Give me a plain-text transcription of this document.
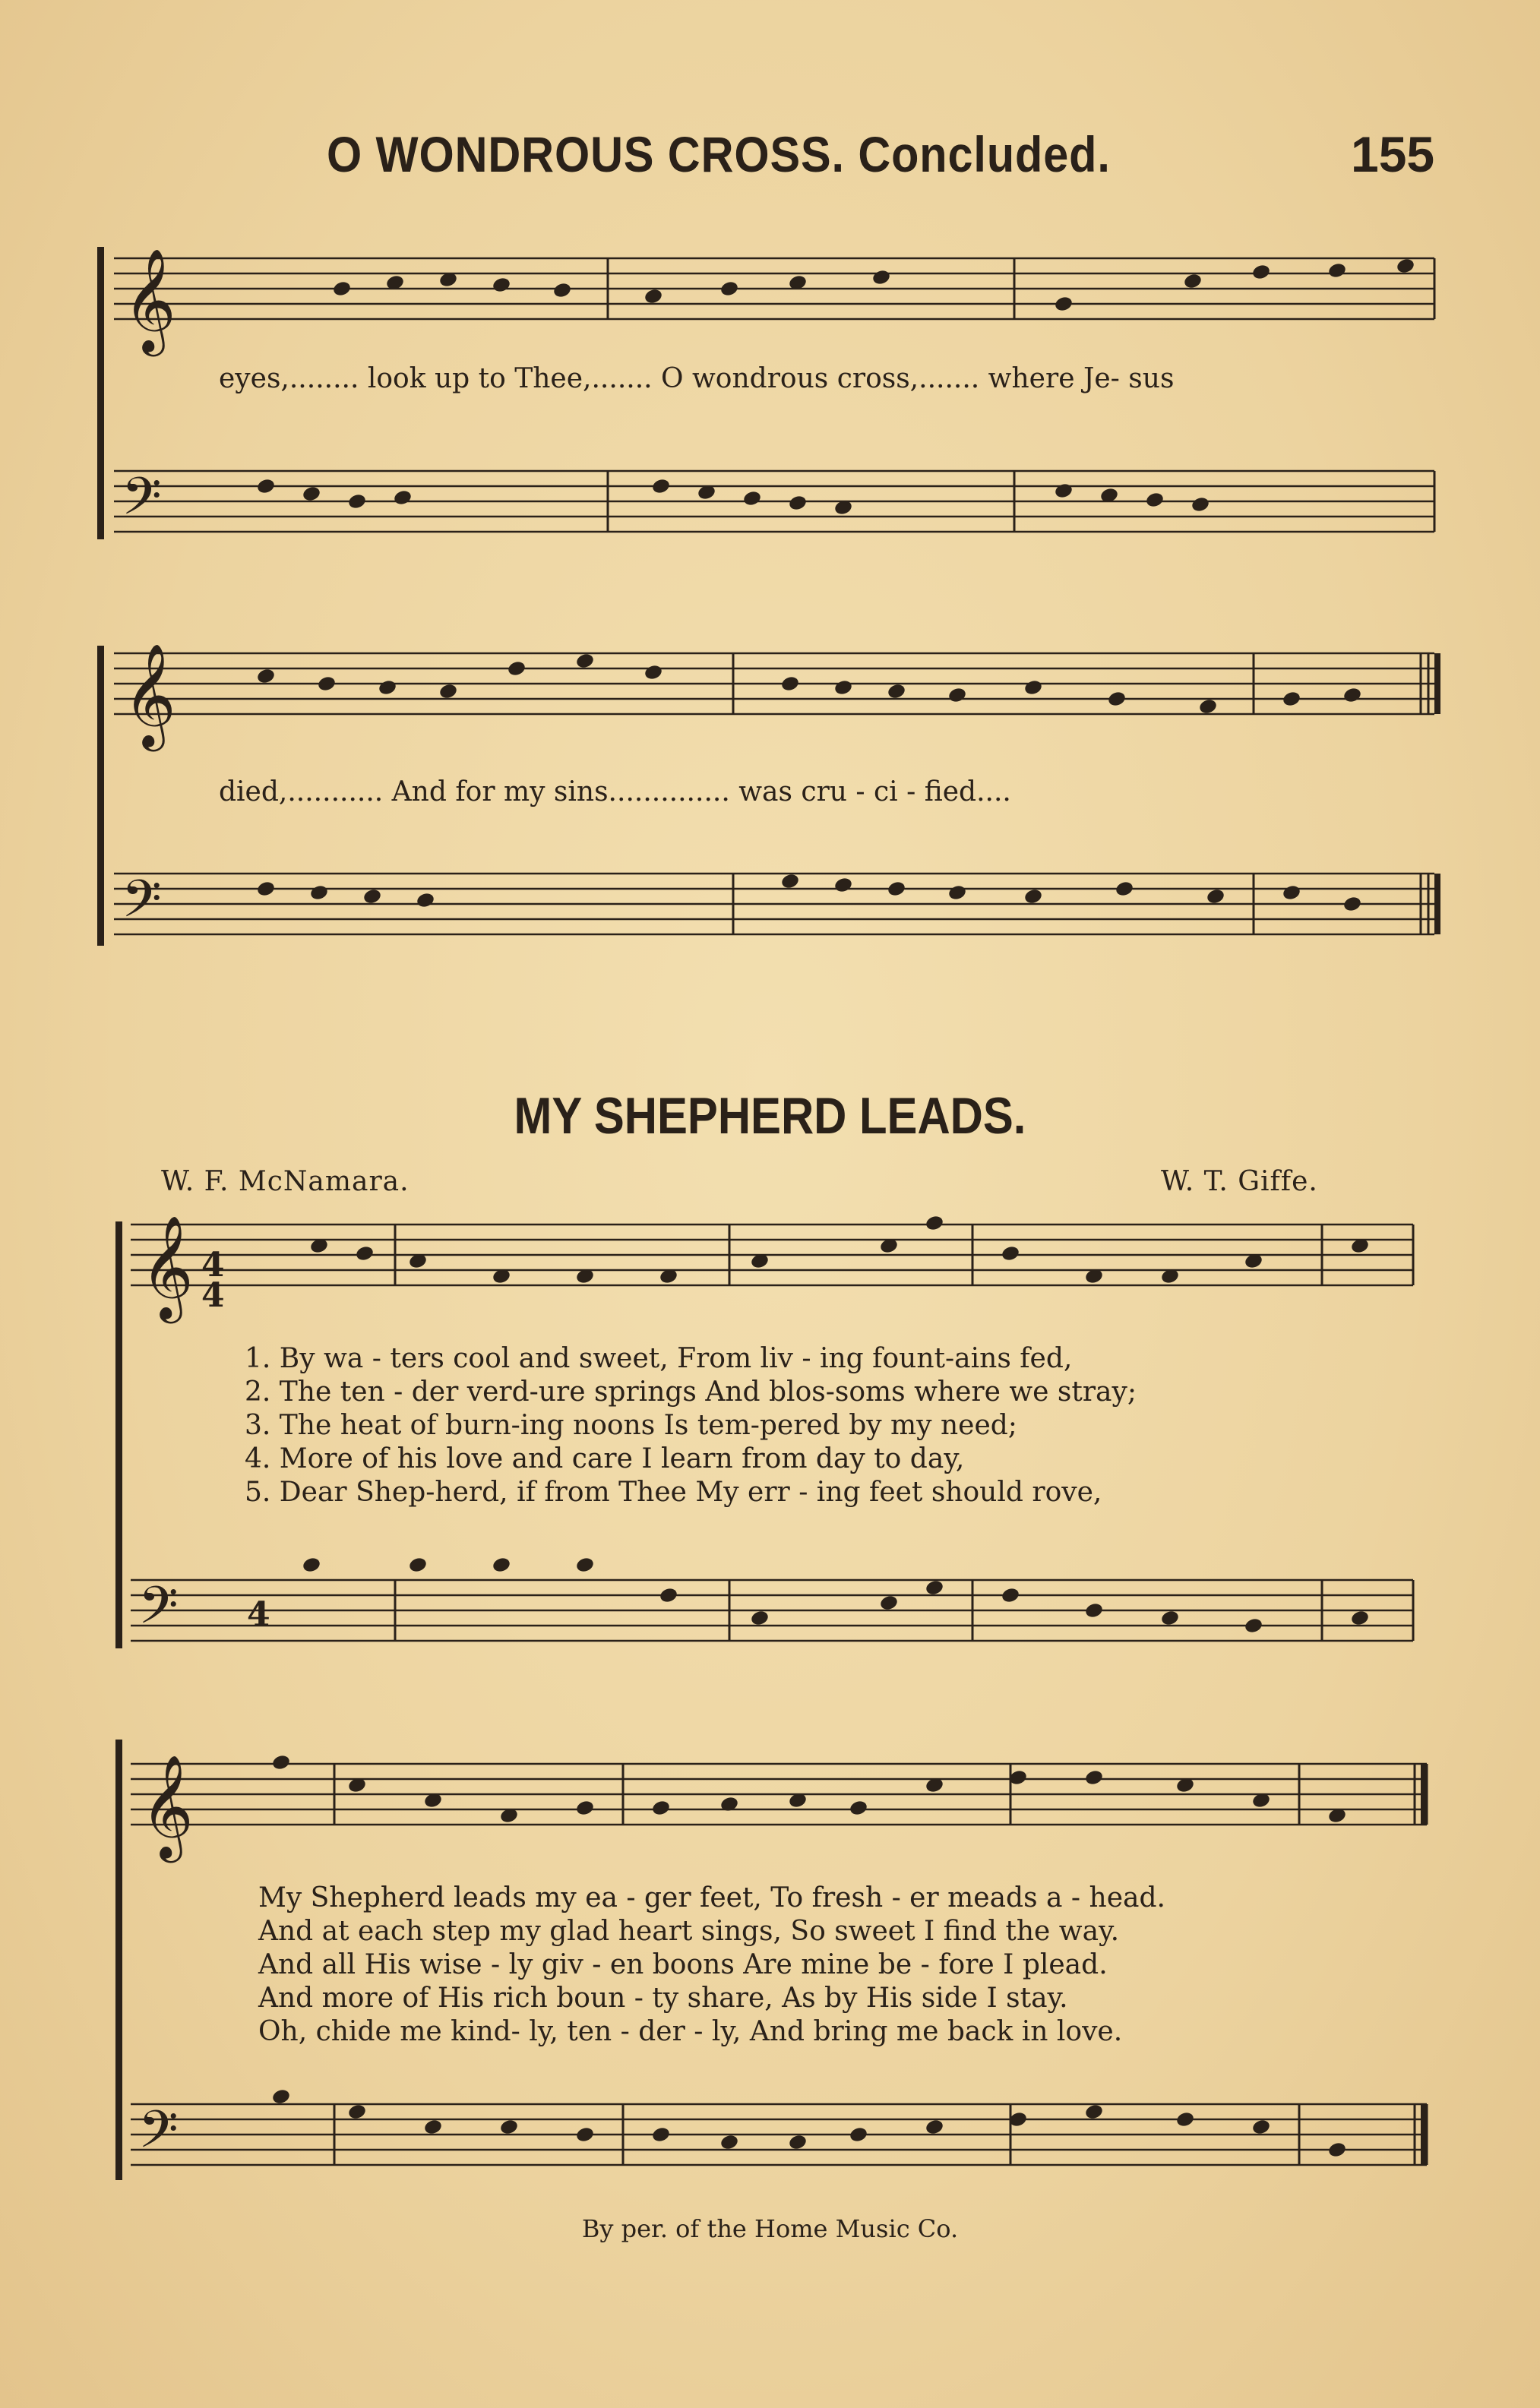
O WONDROUS CROSS. Concluded.	155
𝄞
𝄢
𝄞
𝄢
𝄞
𝄢
4
4
4
𝄞
𝄢
eyes,........ look up to Thee,....... O wondrous cross,....... where Je- sus
died,........... And for my sins.............. was cru - ci - fied....
MY SHEPHERD LEADS.
W. F. McNamara.	W. T. Giffe.
1. By wa - ters cool and sweet, From liv - ing fount-ains fed,
2. The ten - der verd-ure springs And blos-soms where we stray;
3. The heat of burn-ing noons Is tem-pered by my need;
4. More of his love and care I learn from day to day,
5. Dear Shep-herd, if from Thee My err - ing feet should rove,
My Shepherd leads my ea - ger feet, To fresh - er meads a - head.
And at each step my glad heart sings, So sweet I find the way.
And all His wise - ly giv - en boons Are mine be - fore I plead.
And more of His rich boun - ty share, As by His side I stay.
Oh, chide me kind- ly, ten - der - ly, And bring me back in love.
By per. of the Home Music Co.
